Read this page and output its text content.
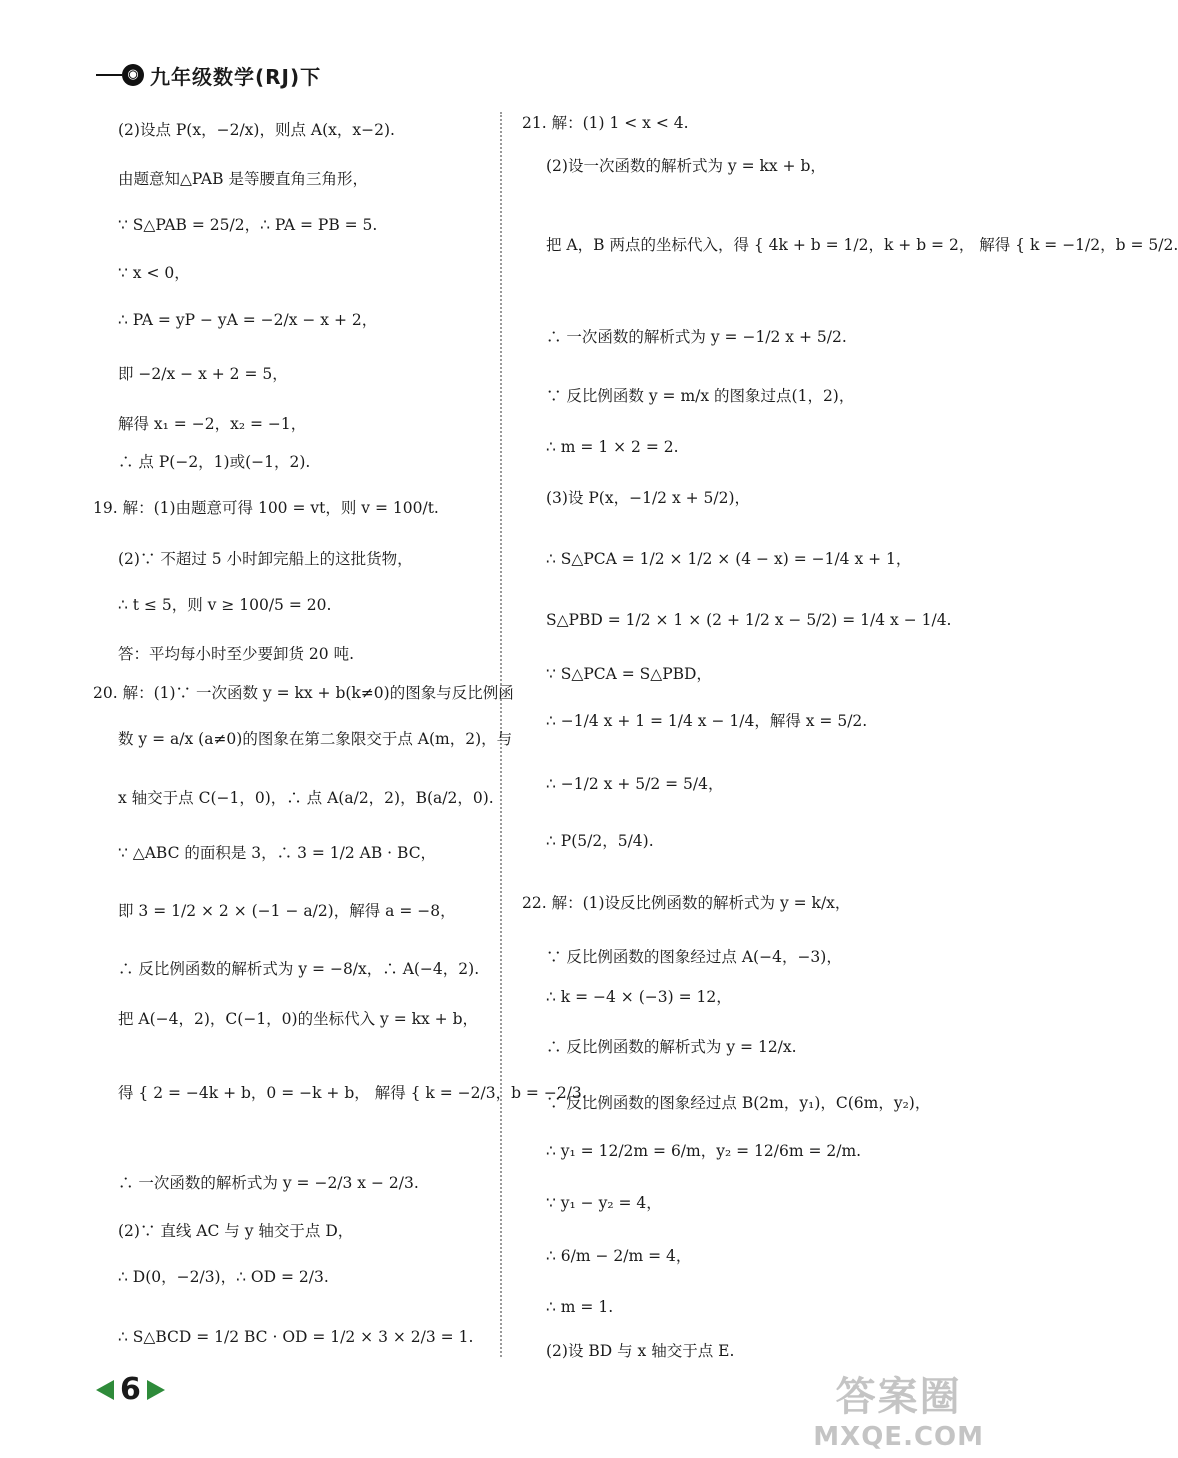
◉ 九年级数学(RJ)下
(2)设点 P(x，−2/x)，则点 A(x，x−2).
由题意知△PAB 是等腰直角三角形，
∵ S△PAB = 25/2，∴ PA = PB = 5.
∵ x < 0，
∴ PA = yP − yA = −2/x − x + 2，
即 −2/x − x + 2 = 5，
解得 x₁ = −2，x₂ = −1，
∴ 点 P(−2，1)或(−1，2).
19. 解：(1)由题意可得 100 = vt，则 v = 100/t.
(2)∵ 不超过 5 小时卸完船上的这批货物，
∴ t ≤ 5，则 v ≥ 100/5 = 20.
答：平均每小时至少要卸货 20 吨.
20. 解：(1)∵ 一次函数 y = kx + b(k≠0)的图象与反比例函
数 y = a/x (a≠0)的图象在第二象限交于点 A(m，2)，与
x 轴交于点 C(−1，0)，∴ 点 A(a/2，2)，B(a/2，0).
∵ △ABC 的面积是 3，∴ 3 = 1/2 AB · BC，
即 3 = 1/2 × 2 × (−1 − a/2)，解得 a = −8，
∴ 反比例函数的解析式为 y = −8/x，∴ A(−4，2).
把 A(−4，2)，C(−1，0)的坐标代入 y = kx + b，
得 { 2 = −4k + b，0 = −k + b， 解得 { k = −2/3，b = −2/3.
∴ 一次函数的解析式为 y = −2/3 x − 2/3.
(2)∵ 直线 AC 与 y 轴交于点 D，
∴ D(0，−2/3)，∴ OD = 2/3.
∴ S△BCD = 1/2 BC · OD = 1/2 × 3 × 2/3 = 1.
21. 解：(1) 1 < x < 4.
(2)设一次函数的解析式为 y = kx + b，
把 A，B 两点的坐标代入，得 { 4k + b = 1/2，k + b = 2， 解得 { k = −1/2，b = 5/2.
∴ 一次函数的解析式为 y = −1/2 x + 5/2.
∵ 反比例函数 y = m/x 的图象过点(1，2)，
∴ m = 1 × 2 = 2.
(3)设 P(x，−1/2 x + 5/2)，
∴ S△PCA = 1/2 × 1/2 × (4 − x) = −1/4 x + 1，
S△PBD = 1/2 × 1 × (2 + 1/2 x − 5/2) = 1/4 x − 1/4.
∵ S△PCA = S△PBD，
∴ −1/4 x + 1 = 1/4 x − 1/4，解得 x = 5/2.
∴ −1/2 x + 5/2 = 5/4，
∴ P(5/2，5/4).
22. 解：(1)设反比例函数的解析式为 y = k/x，
∵ 反比例函数的图象经过点 A(−4，−3)，
∴ k = −4 × (−3) = 12，
∴ 反比例函数的解析式为 y = 12/x.
∵ 反比例函数的图象经过点 B(2m，y₁)，C(6m，y₂)，
∴ y₁ = 12/2m = 6/m，y₂ = 12/6m = 2/m.
∵ y₁ − y₂ = 4，
∴ 6/m − 2/m = 4，
∴ m = 1.
(2)设 BD 与 x 轴交于点 E.
6	答案圈
MXQE.COM
